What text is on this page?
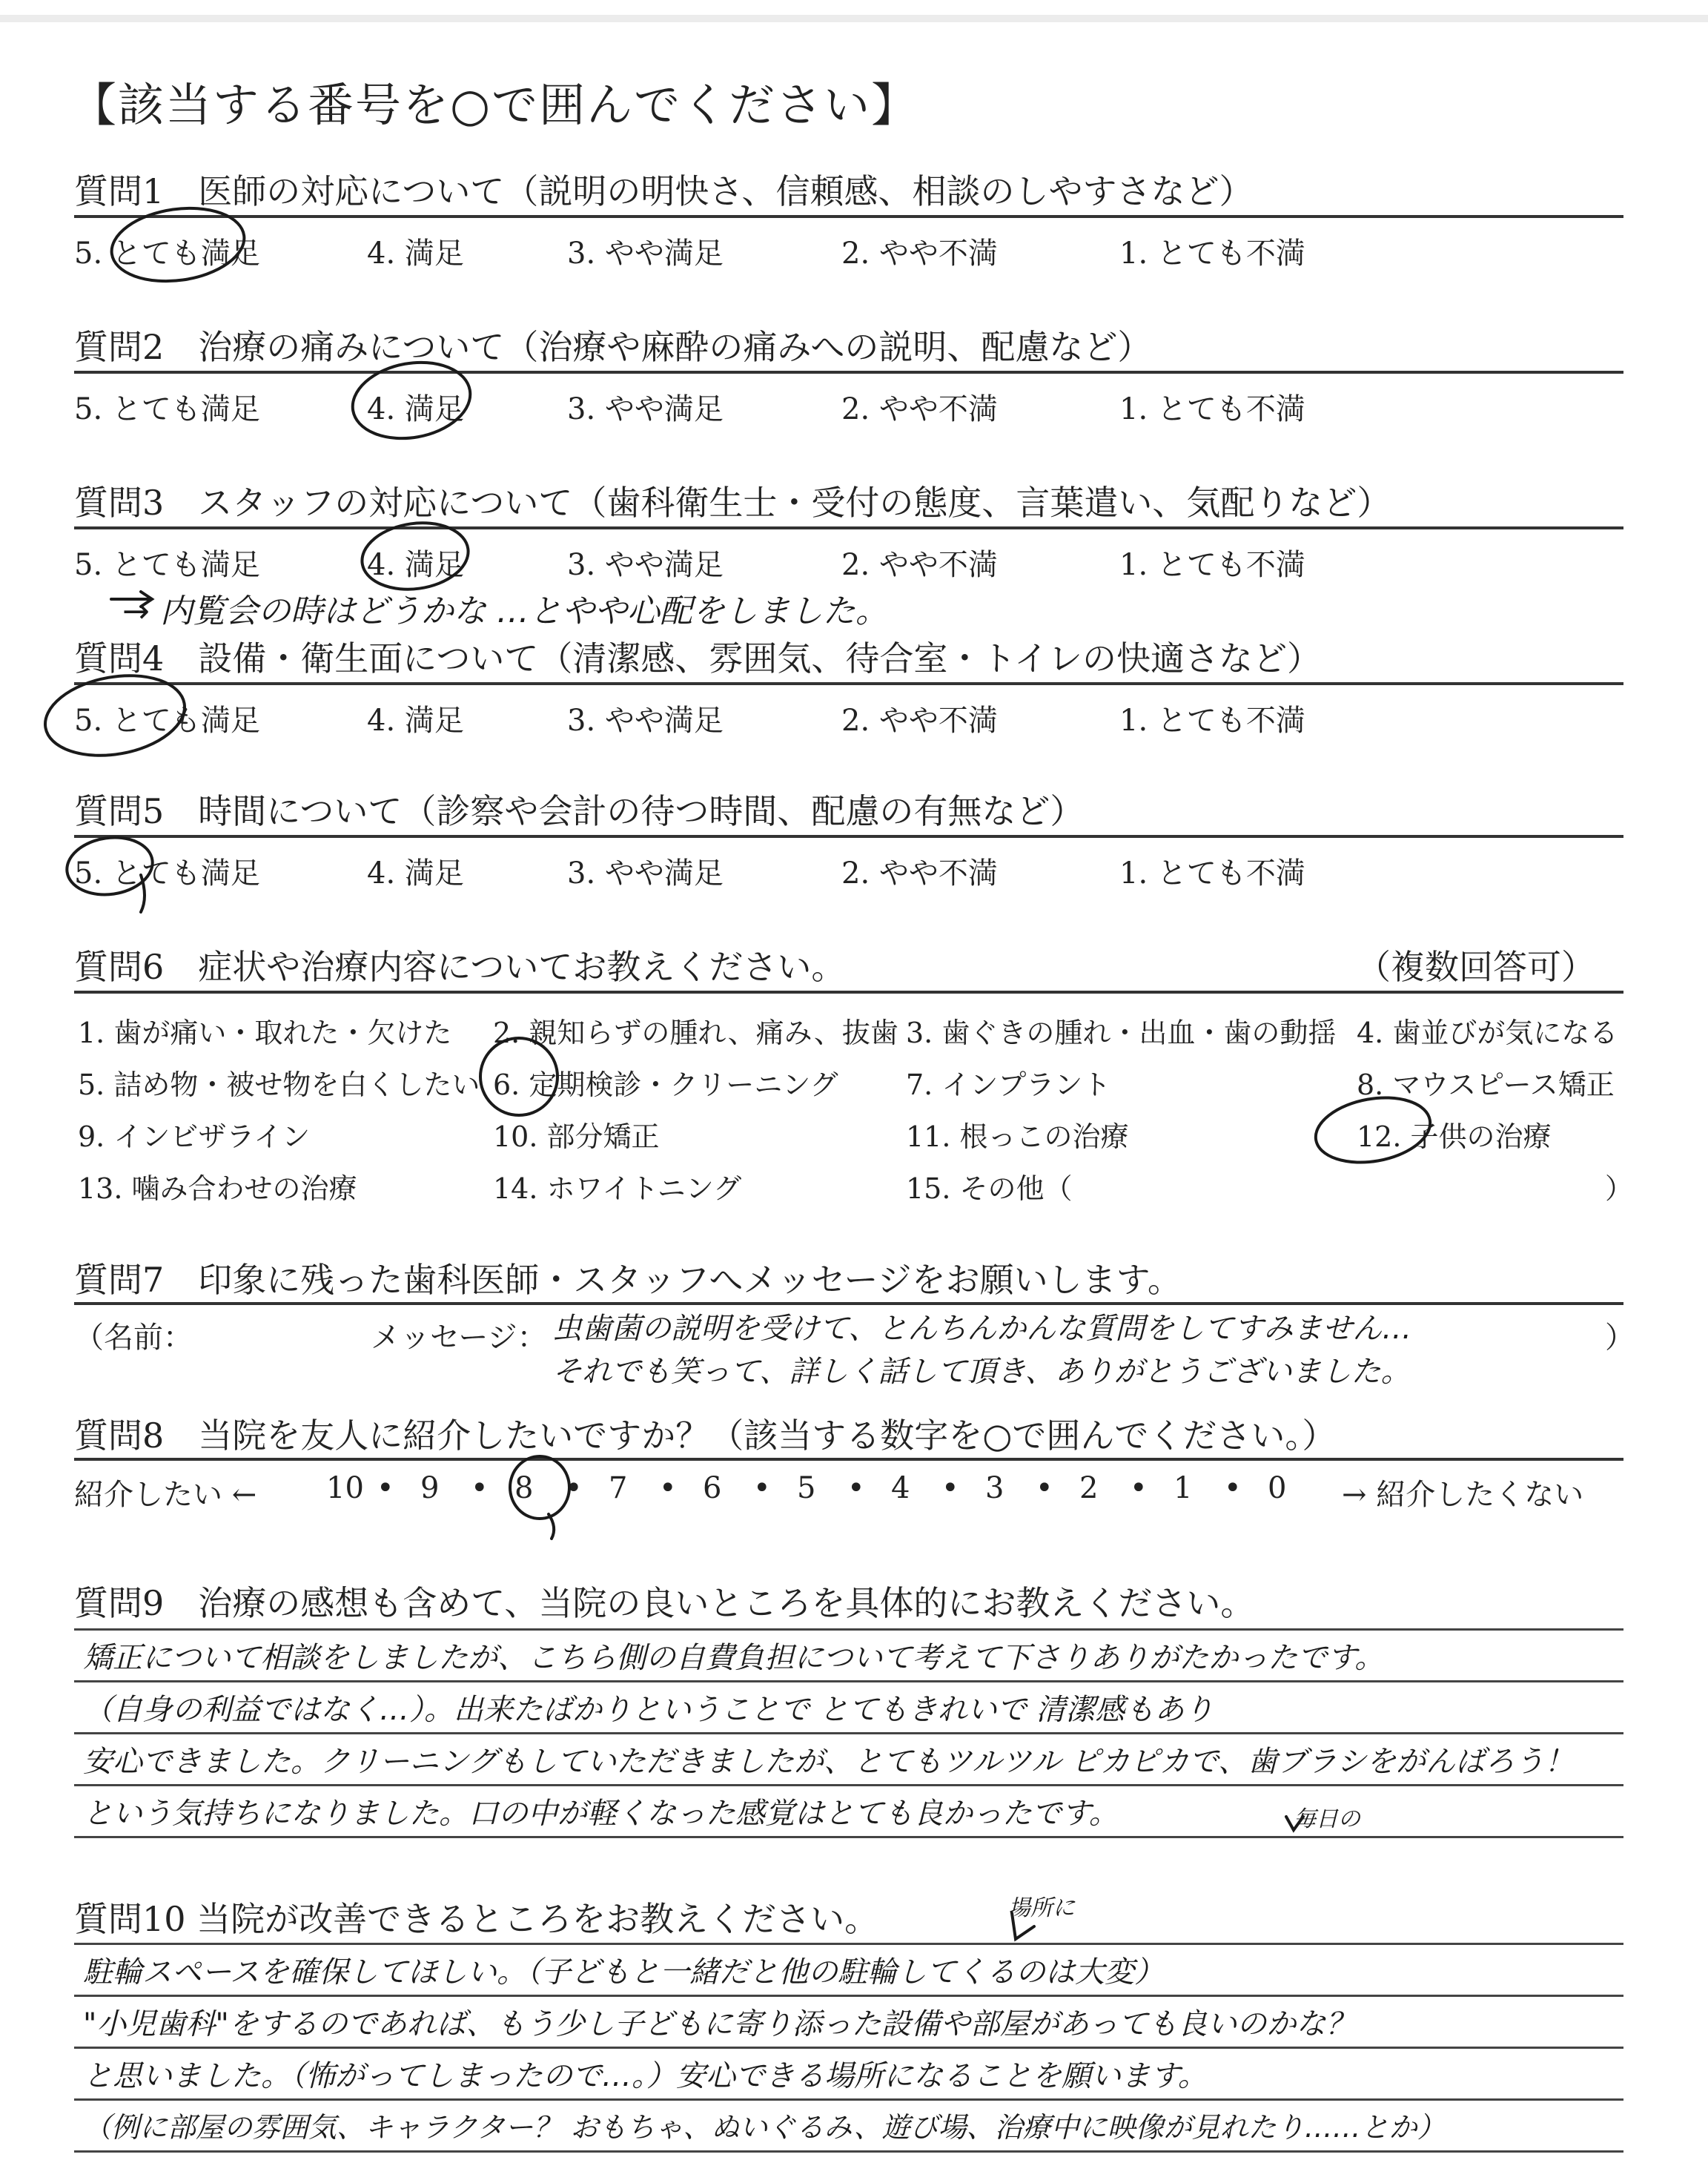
【該当する番号を○で囲んでください】
質問1　医師の対応について（説明の明快さ、信頼感、相談のしやすさなど）
5. とても満足	4. 満足	3. やや満足	2. やや不満	1. とても不満
質問2　治療の痛みについて（治療や麻酔の痛みへの説明、配慮など）
5. とても満足	4. 満足	3. やや満足	2. やや不満	1. とても不満
質問3　スタッフの対応について（歯科衛生士・受付の態度、言葉遣い、気配りなど）
5. とても満足	4. 満足	3. やや満足	2. やや不満	1. とても不満
→ 内覧会の時はどうかな …とやや心配をしました。
質問4　設備・衛生面について（清潔感、雰囲気、待合室・トイレの快適さなど）
5. とても満足	4. 満足	3. やや満足	2. やや不満	1. とても不満
質問5　時間について（診察や会計の待つ時間、配慮の有無など）
5. とても満足	4. 満足	3. やや満足	2. やや不満	1. とても不満
質問6　症状や治療内容についてお教えください。	（複数回答可）
1. 歯が痛い・取れた・欠けた 2. 親知らずの腫れ、痛み、抜歯 3. 歯ぐきの腫れ・出血・歯の動揺 4. 歯並びが気になる
5. 詰め物・被せ物を白くしたい 6. 定期検診・クリーニング 7. インプラント	8. マウスピース矯正
9. インビザライン	10. 部分矯正	11. 根っこの治療	12. 子供の治療
13. 噛み合わせの治療	14. ホワイトニング	15. その他（	）
質問7　印象に残った歯科医師・スタッフへメッセージをお願いします。
（名前：	メッセージ：	）
虫歯菌の説明を受けて、とんちんかんな質問をしてすみません…
それでも笑って、詳しく話して頂き、ありがとうございました。
質問8　当院を友人に紹介したいですか？（該当する数字を○で囲んでください。）
紹介したい ← 10 • 9 • 8 • 7 • 6 • 5 • 4 • 3 • 2 • 1 • 0 → 紹介したくない
質問9　治療の感想も含めて、当院の良いところを具体的にお教えください。
矯正について相談をしましたが、こちら側の自費負担について考えて下さりありがたかったです。
（自身の利益ではなく…）。出来たばかりということで とてもきれいで 清潔感もあり
安心できました。クリーニングもしていただきましたが、とてもツルツル ピカピカで、歯ブラシをがんばろう！
という気持ちになりました。口の中が軽くなった感覚はとても良かったです。	毎日の
質問10 当院が改善できるところをお教えください。	場所に
駐輪スペースを確保してほしい。（子どもと一緒だと他の駐輪してくるのは大変）
"小児歯科"をするのであれば、もう少し子どもに寄り添った設備や部屋があっても良いのかな？
と思いました。（怖がってしまったので…。）安心できる場所になることを願います。
（例に部屋の雰囲気、キャラクター？ おもちゃ、ぬいぐるみ、遊び場、治療中に映像が見れたり……とか）
